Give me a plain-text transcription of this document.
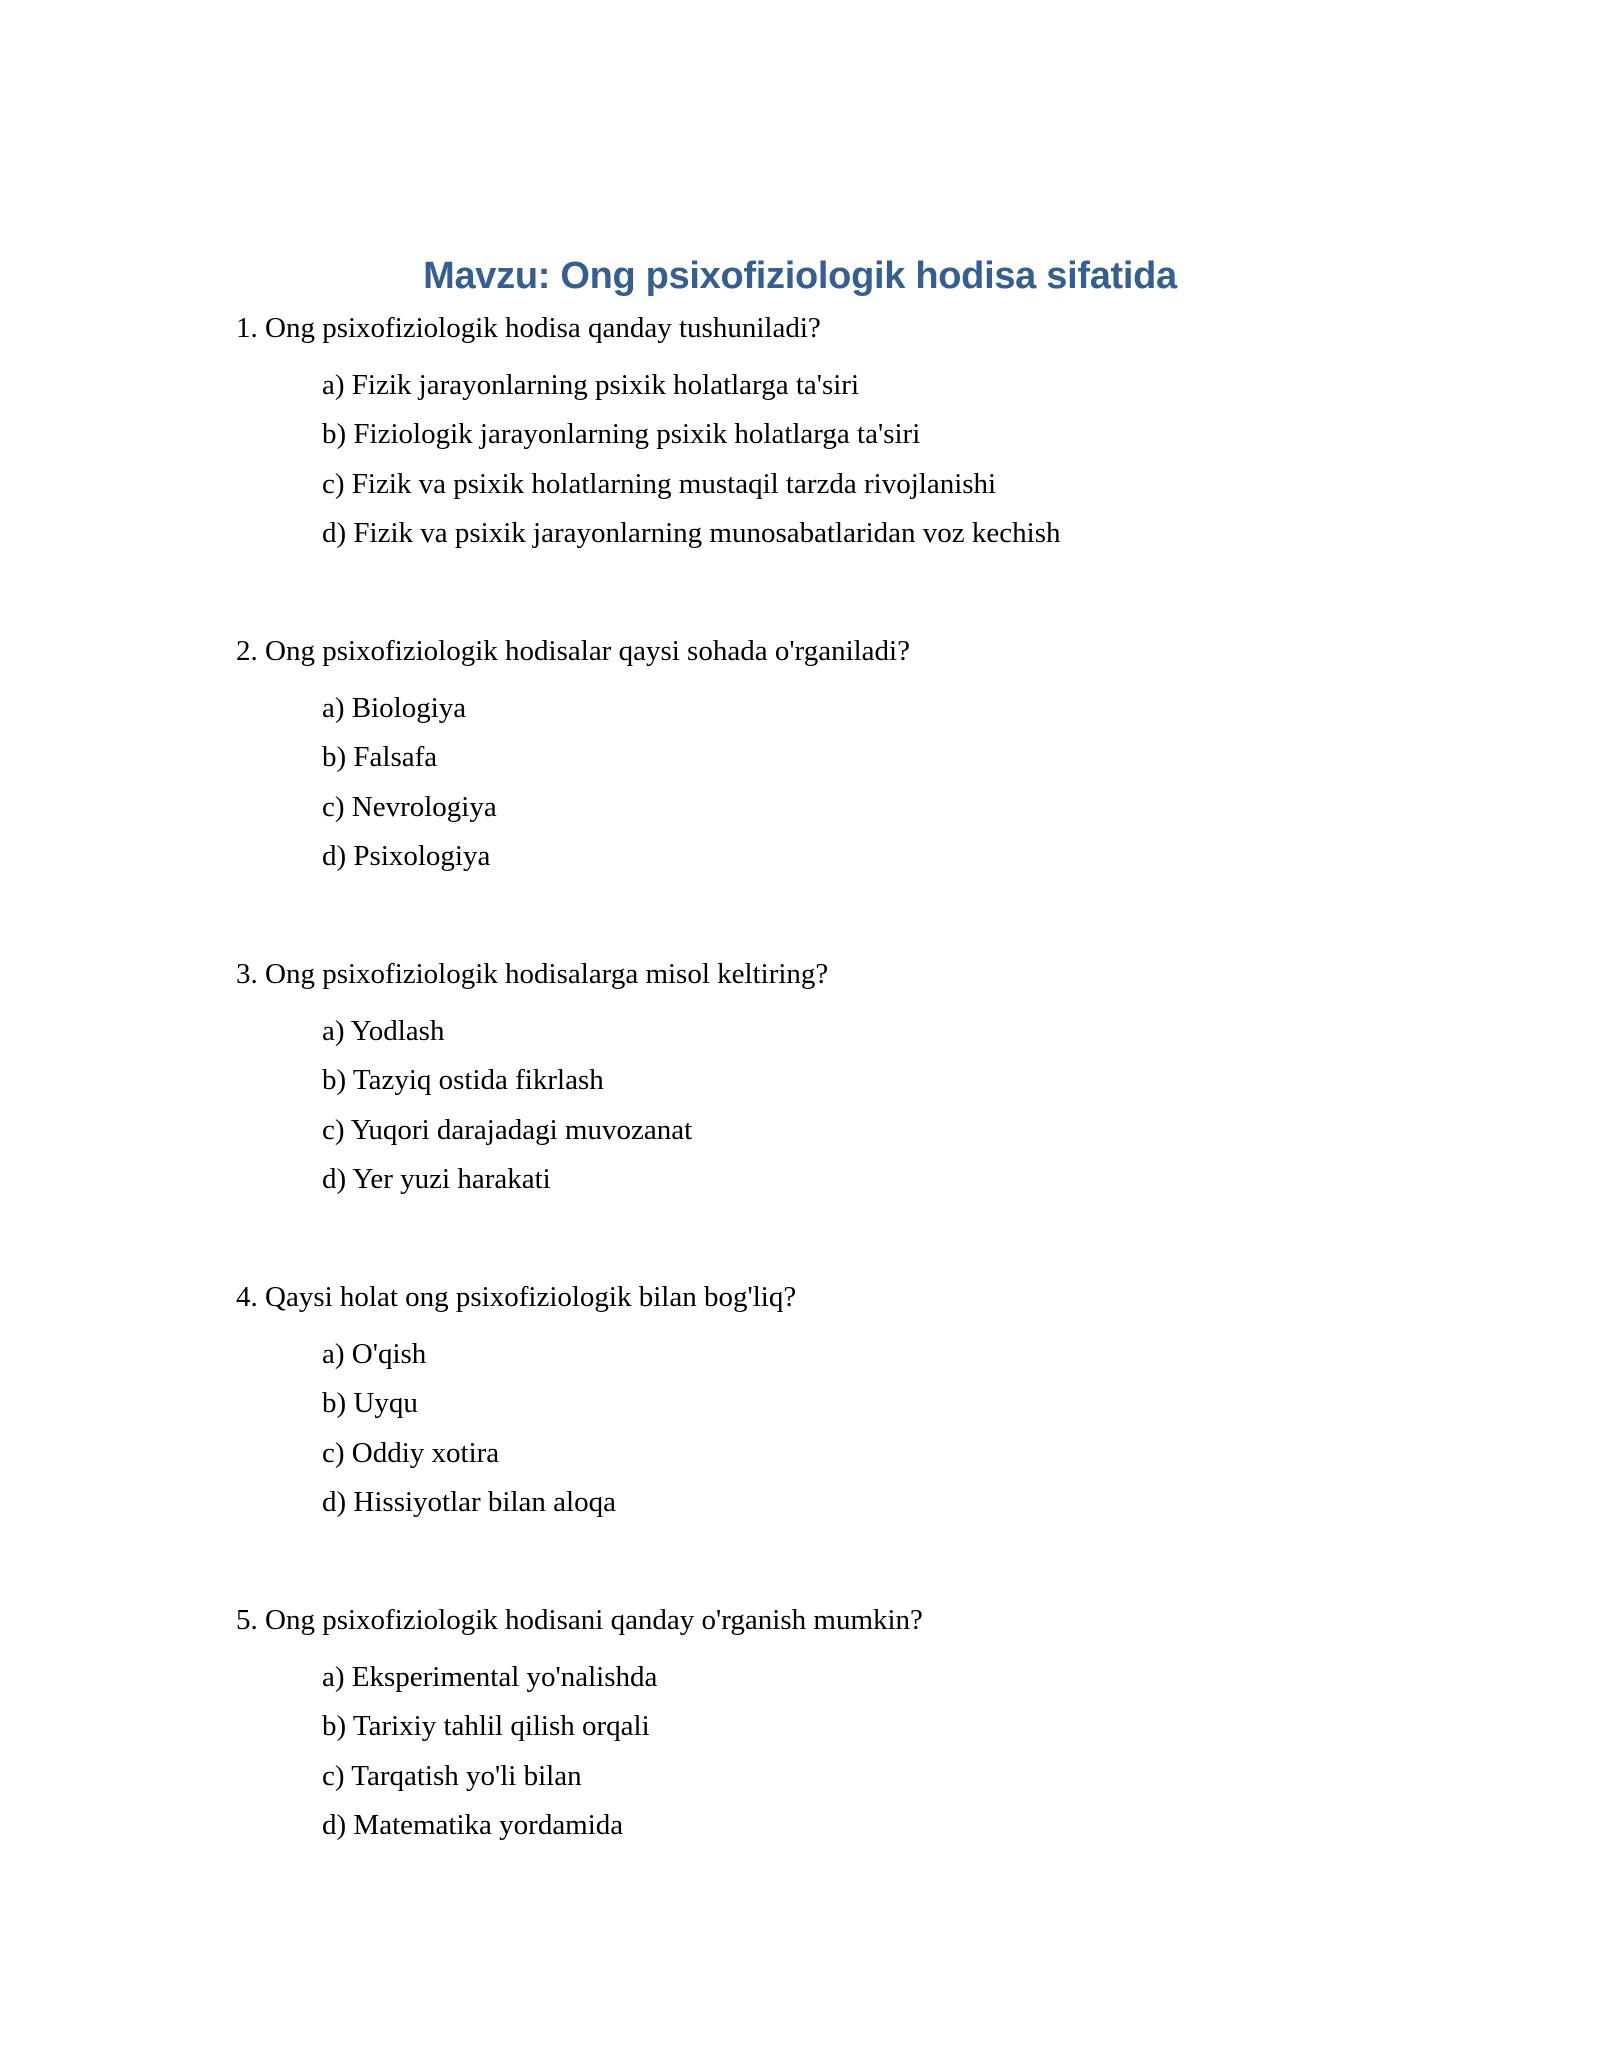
Mavzu: Ong psixofiziologik hodisa sifatida
1. Ong psixofiziologik hodisa qanday tushuniladi?
a) Fizik jarayonlarning psixik holatlarga ta'siri
b) Fiziologik jarayonlarning psixik holatlarga ta'siri
c) Fizik va psixik holatlarning mustaqil tarzda rivojlanishi
d) Fizik va psixik jarayonlarning munosabatlaridan voz kechish
2. Ong psixofiziologik hodisalar qaysi sohada o'rganiladi?
a) Biologiya
b) Falsafa
c) Nevrologiya
d) Psixologiya
3. Ong psixofiziologik hodisalarga misol keltiring?
a) Yodlash
b) Tazyiq ostida fikrlash
c) Yuqori darajadagi muvozanat
d) Yer yuzi harakati
4. Qaysi holat ong psixofiziologik bilan bog'liq?
a) O'qish
b) Uyqu
c) Oddiy xotira
d) Hissiyotlar bilan aloqa
5. Ong psixofiziologik hodisani qanday o'rganish mumkin?
a) Eksperimental yo'nalishda
b) Tarixiy tahlil qilish orqali
c) Tarqatish yo'li bilan
d) Matematika yordamida
